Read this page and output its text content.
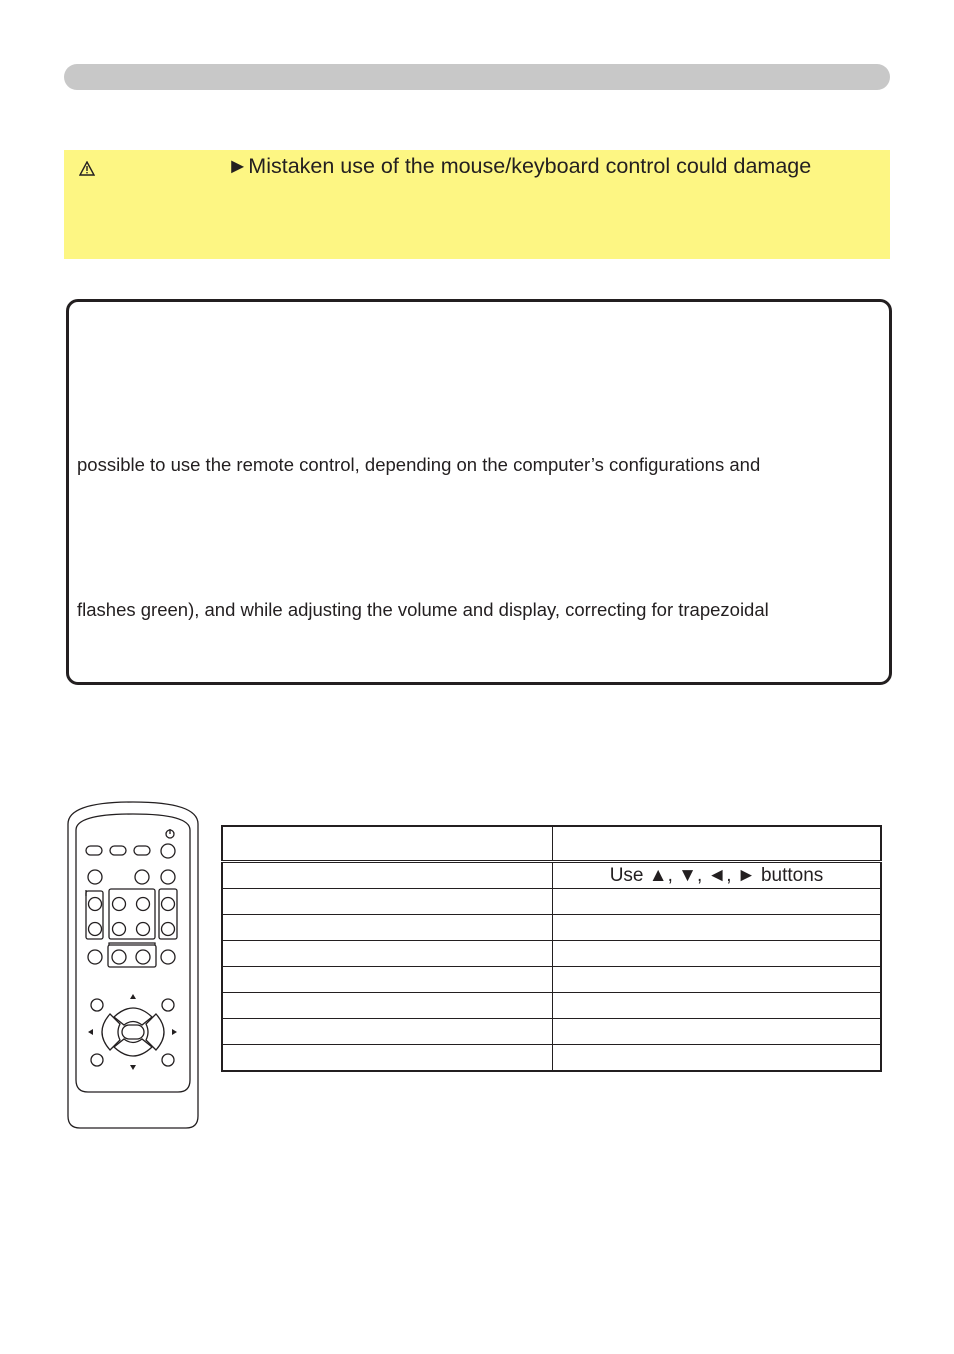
►Mistaken use of the mouse/keyboard control could damage
possible to use the remote control, depending on the computer’s configurations and
flashes green), and while adjusting the volume and display, correcting for trapezoidal

	Use ▲, ▼, ◄, ► buttons
